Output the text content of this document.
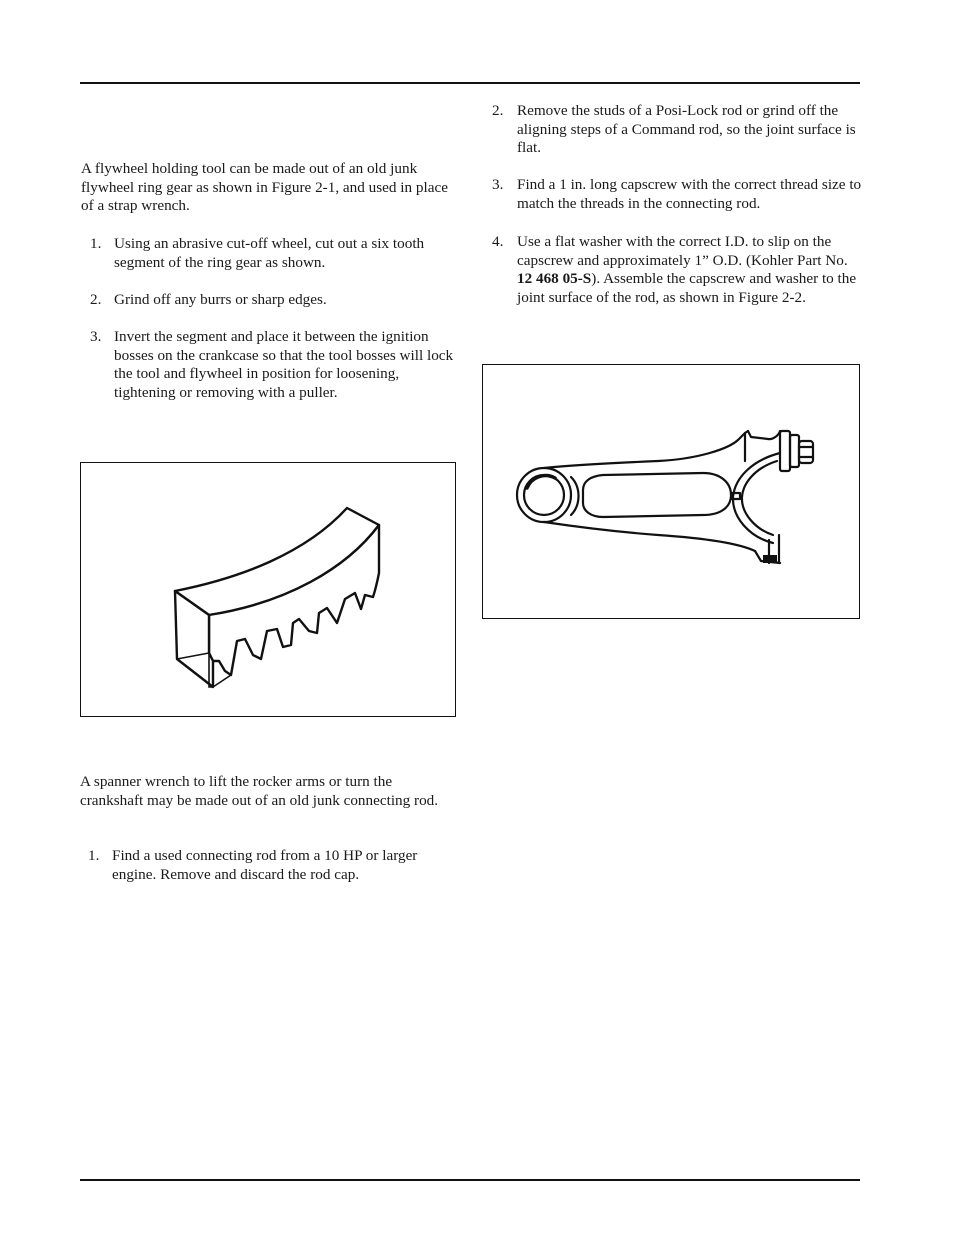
A flywheel holding tool can be made out of an old junk flywheel ring gear as shown in Figure 2-1, and used in place of a strap wrench.

1. Using an abrasive cut-off wheel, cut out a six tooth segment of the ring gear as shown.
2. Grind off any burrs or sharp edges.
3. Invert the segment and place it between the ignition bosses on the crankcase so that the tool bosses will lock the tool and flywheel in position for loosening, tightening or removing with a puller.

A spanner wrench to lift the rocker arms or turn the crankshaft may be made out of an old junk connecting rod.

1. Find a used connecting rod from a 10 HP or larger engine. Remove and discard the rod cap.
2. Remove the studs of a Posi-Lock rod or grind off the aligning steps of a Command rod, so the joint surface is flat.
3. Find a 1 in. long capscrew with the correct thread size to match the threads in the connecting rod.
4. Use a flat washer with the correct I.D. to slip on the capscrew and approximately 1” O.D. (Kohler Part No. 12 468 05-S). Assemble the capscrew and washer to the joint surface of the rod, as shown in Figure 2-2.
